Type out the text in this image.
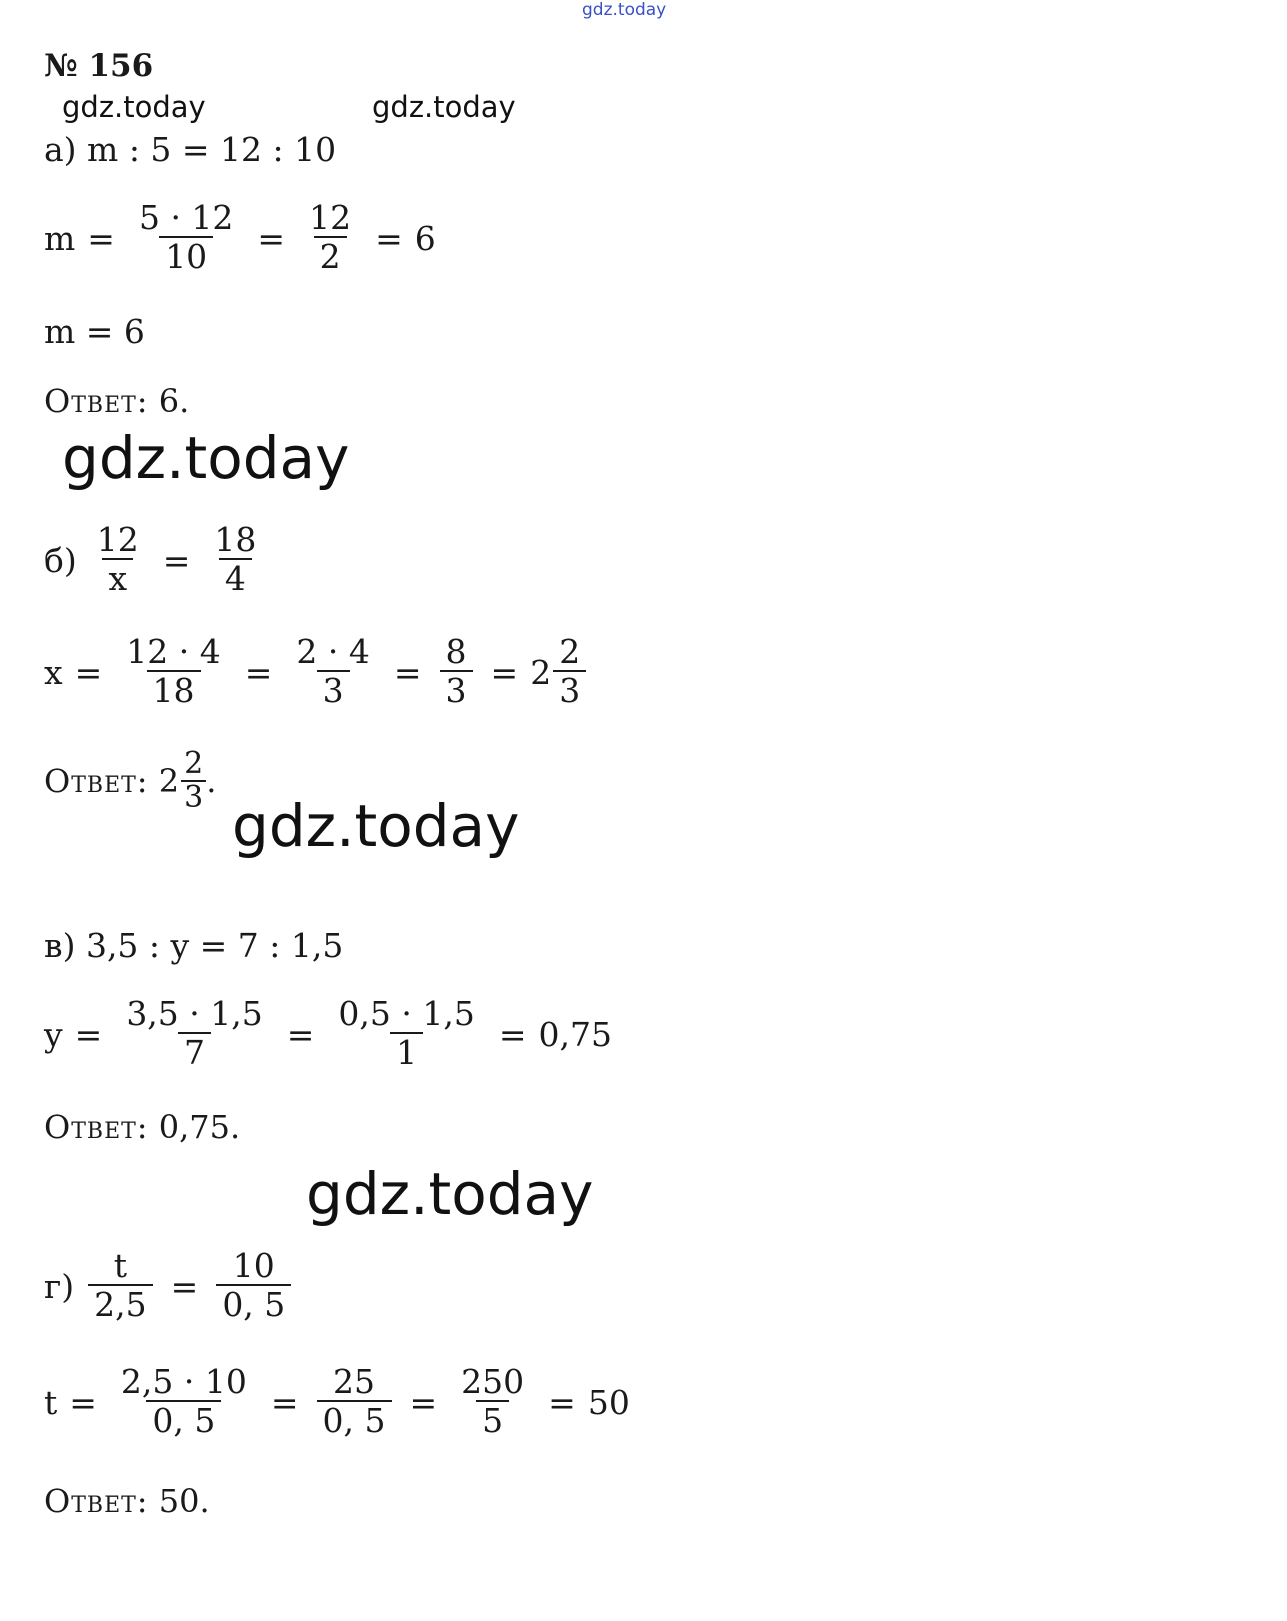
gdz.today
gdz.today	gdz.today
gdz.today
gdz.today
gdz.today
№ 156
а) m : 5 = 12 : 10
$m = \frac{5 \cdot 12}{10} = \frac{12}{2} = 6$
m = 6
Ответ:
6.
$б) \frac{12}{x} = \frac{18}{4}$
$x = \frac{12 \cdot 4}{18} = \frac{2 \cdot 4}{3} = \frac{8}{3} = 2 \frac{2}{3}$
Ответ:
$2 \frac{2}{3}$ .
в) 3,5 : y = 7 : 1,5
$y = \frac{3,5 \cdot 1,5}{7} = \frac{0,5 \cdot 1,5}{1} = 0,75$
Ответ:
0,75.
$г) \frac{t}{2,5} = \frac{10}{0, 5}$
$t = \frac{2,5 \cdot 10}{0, 5} = \frac{25}{0, 5} = \frac{250}{5} = 50$
Ответ:
50.
